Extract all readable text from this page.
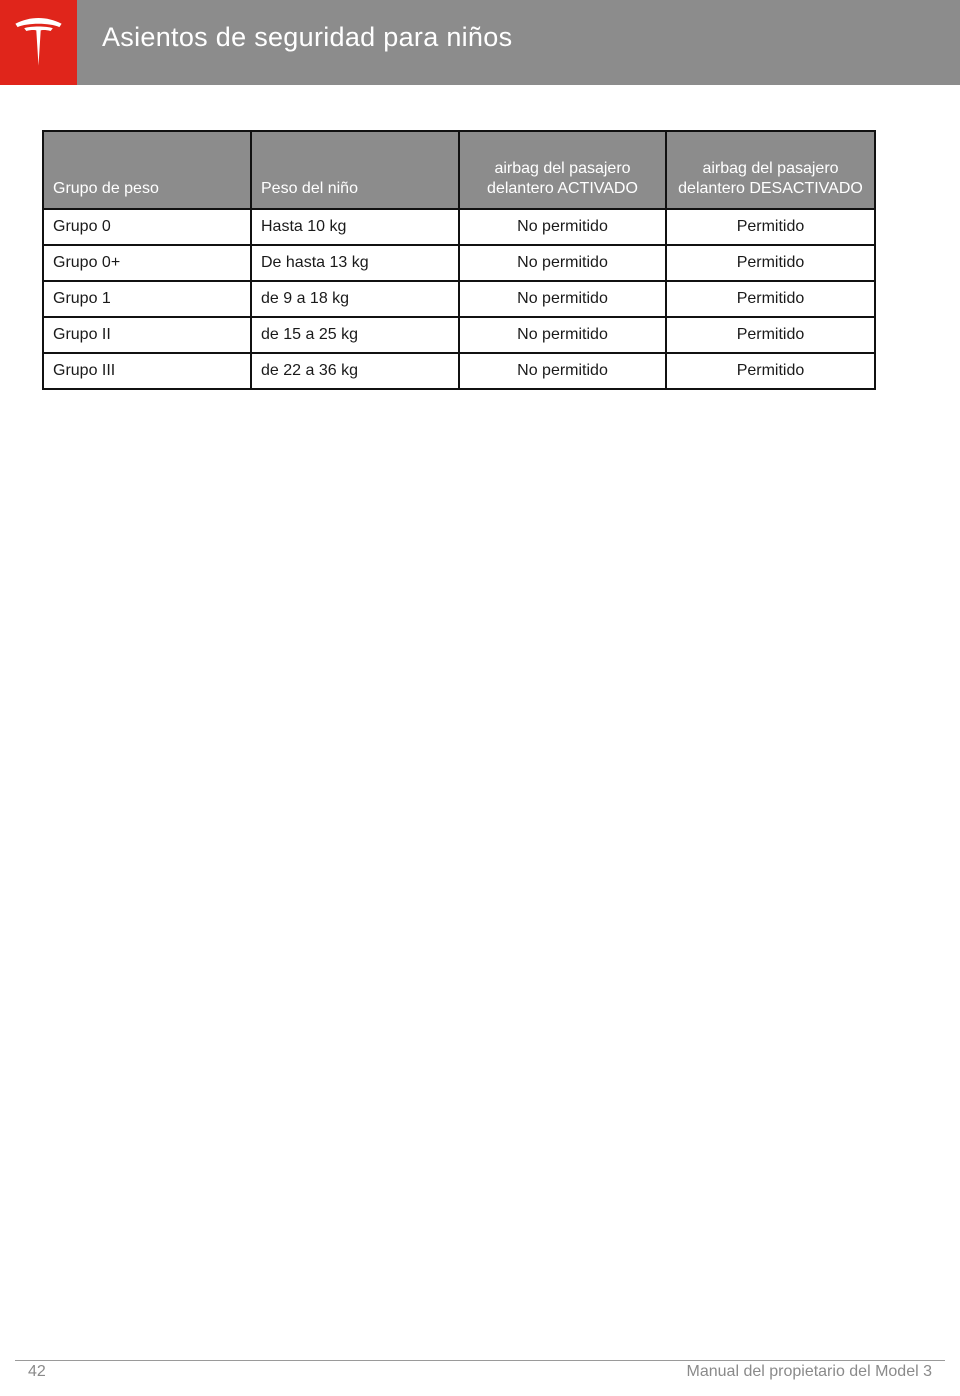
Asientos de seguridad para niños
Grupo de peso	Peso del niño	airbag del pasajero delantero ACTIVADO	airbag del pasajero delantero DESACTIVADO
Grupo 0	Hasta 10 kg	No permitido	Permitido
Grupo 0+	De hasta 13 kg	No permitido	Permitido
Grupo 1	de 9 a 18 kg	No permitido	Permitido
Grupo II	de 15 a 25 kg	No permitido	Permitido
Grupo III	de 22 a 36 kg	No permitido	Permitido
42	Manual del propietario del Model 3
